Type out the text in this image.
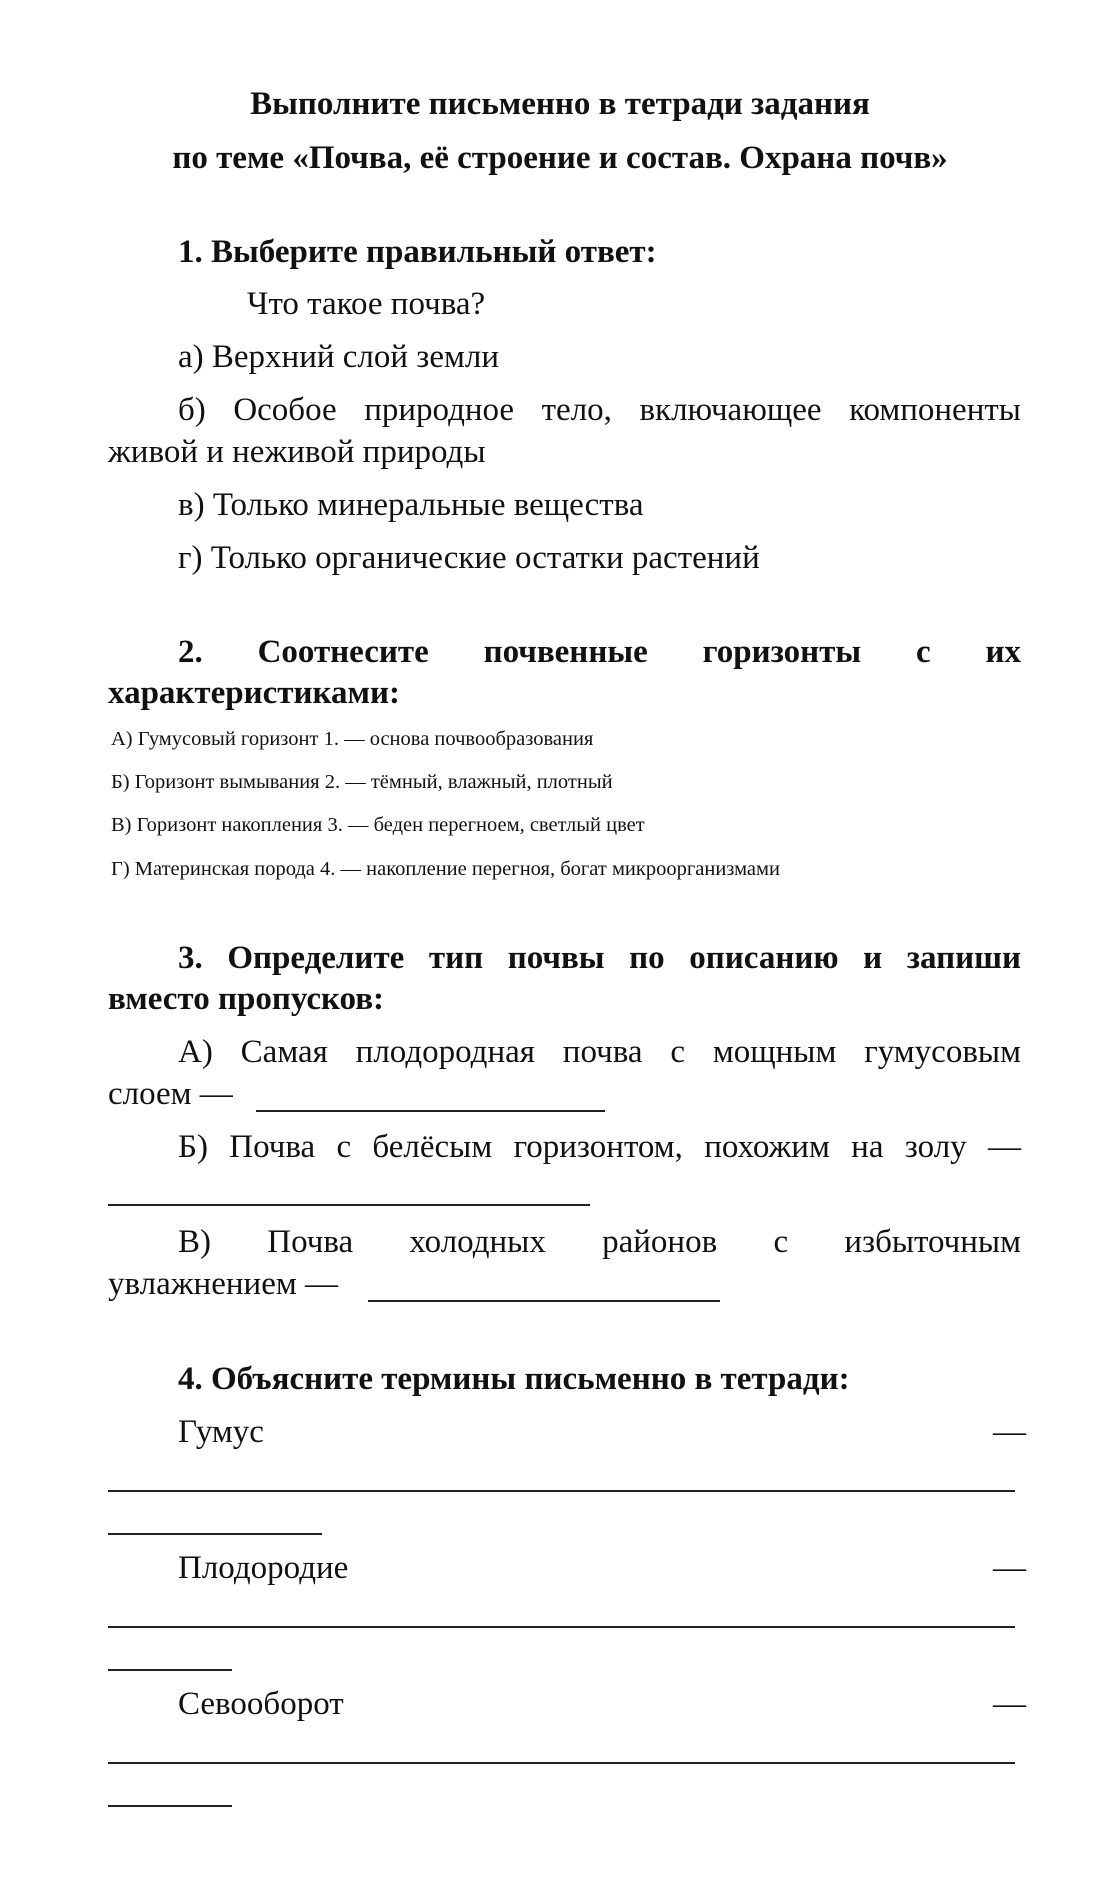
Выполните письменно в тетради задания
по теме «Почва, её строение и состав. Охрана почв»
1. Выберите правильный ответ:
Что такое почва?
а) Верхний слой земли
б) Особое природное тело, включающее компоненты
живой и неживой природы
в) Только минеральные вещества
г) Только органические остатки растений
2. Соотнесите почвенные горизонты с их
характеристиками:
А) Гумусовый горизонт 1. — основа почвообразования
Б) Горизонт вымывания 2. — тёмный, влажный, плотный
В) Горизонт накопления 3. — беден перегноем, светлый цвет
Г) Материнская порода 4. — накопление перегноя, богат микроорганизмами
3. Определите тип почвы по описанию и запиши
вместо пропусков:
А) Самая плодородная почва с мощным гумусовым
слоем —
Б) Почва с белёсым горизонтом, похожим на золу —
В) Почва холодных районов с избыточным
увлажнением —
4. Объясните термины письменно в тетради:
Гумус	—
Плодородие	—
Севооборот	—
